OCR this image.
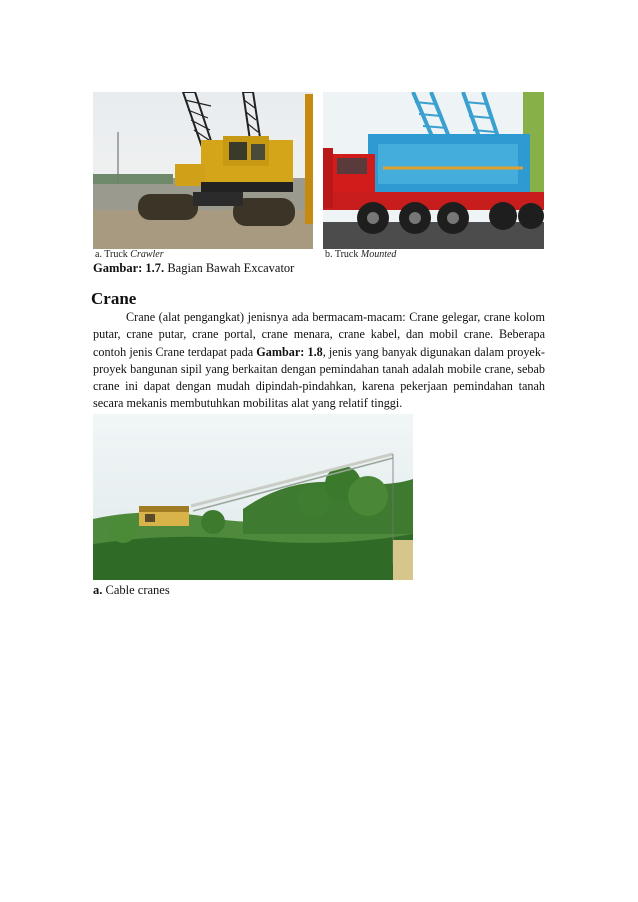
a. Truck Crawler	b. Truck Mounted
Gambar: 1.7. Bagian Bawah Excavator
Crane
Crane (alat pengangkat) jenisnya ada bermacam-macam: Crane gelegar, crane kolom putar, crane putar, crane portal, crane menara, crane kabel, dan mobil crane. Beberapa contoh jenis Crane terdapat pada Gambar: 1.8, jenis yang banyak digunakan dalam proyek-proyek bangunan sipil yang berkaitan dengan pemindahan tanah adalah mobile crane, sebab crane ini dapat dengan mudah dipindah-pindahkan, karena pekerjaan pemindahan tanah secara mekanis membutuhkan mobilitas alat yang relatif tinggi.
a. Cable cranes
